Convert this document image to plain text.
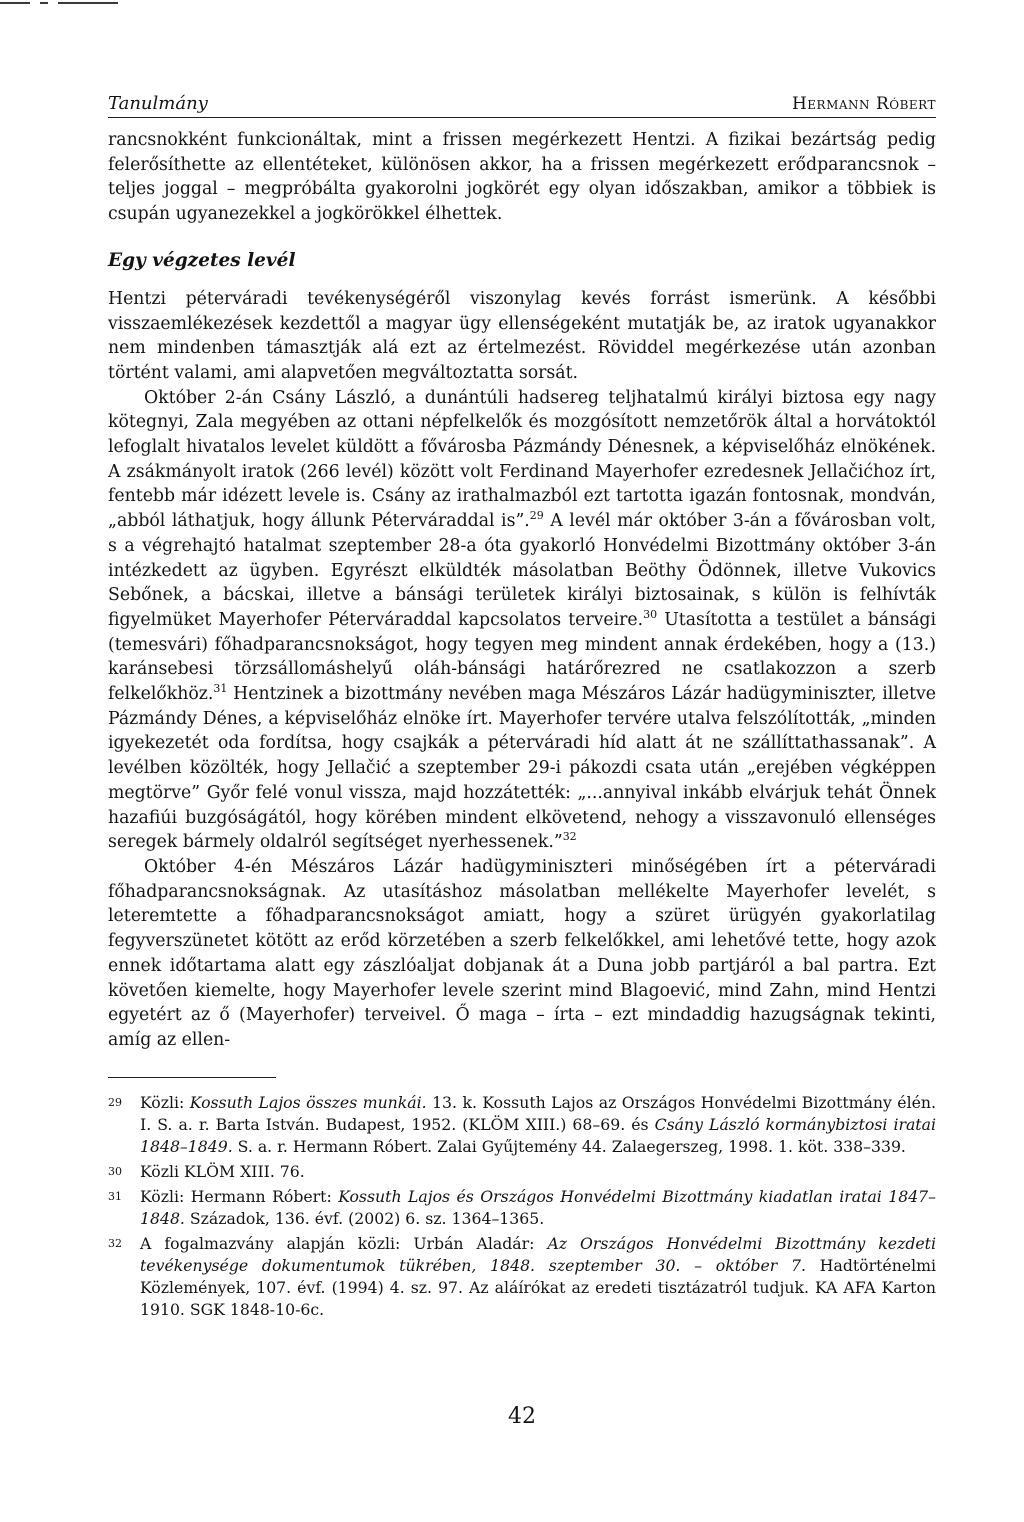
Tanulmány	Hermann Róbert

rancsnokként funkcionáltak, mint a frissen megérkezett Hentzi. A fizikai bezártság pedig felerősíthette az ellentéteket, különösen akkor, ha a frissen megérkezett erődparancsnok – teljes joggal – megpróbálta gyakorolni jogkörét egy olyan időszakban, amikor a többiek is csupán ugyanezekkel a jogkörökkel élhettek.

Egy végzetes levél

Hentzi péterváradi tevékenységéről viszonylag kevés forrást ismerünk. A későbbi visszaemlékezések kezdettől a magyar ügy ellenségeként mutatják be, az iratok ugyanakkor nem mindenben támasztják alá ezt az értelmezést. Röviddel megérkezése után azonban történt valami, ami alapvetően megváltoztatta sorsát.

Október 2-án Csány László, a dunántúli hadsereg teljhatalmú királyi biztosa egy nagy kötegnyi, Zala megyében az ottani népfelkelők és mozgósított nemzetőrök által a horvátoktól lefoglalt hivatalos levelet küldött a fővárosba Pázmándy Dénesnek, a képviselőház elnökének. A zsákmányolt iratok (266 levél) között volt Ferdinand Mayerhofer ezredesnek Jellačićhoz írt, fentebb már idézett levele is. Csány az irathalmazból ezt tartotta igazán fontosnak, mondván, „abból láthatjuk, hogy állunk Péterváraddal is”.$^{29}$ A levél már október 3-án a fővárosban volt, s a végrehajtó hatalmat szeptember 28-a óta gyakorló Honvédelmi Bizottmány október 3-án intézkedett az ügyben. Egyrészt elküldték másolatban Beöthy Ödönnek, illetve Vukovics Sebőnek, a bácskai, illetve a bánsági területek királyi biztosainak, s külön is felhívták figyelmüket Mayerhofer Péterváraddal kapcsolatos terveire.$^{30}$ Utasította a testület a bánsági (temesvári) főhadparancsnokságot, hogy tegyen meg mindent annak érdekében, hogy a (13.) karánsebesi törzsállomáshelyű oláh-bánsági határőrezred ne csatlakozzon a szerb felkelőkhöz.$^{31}$ Hentzinek a bizottmány nevében maga Mészáros Lázár hadügyminiszter, illetve Pázmándy Dénes, a képviselőház elnöke írt. Mayerhofer tervére utalva felszólították, „minden igyekezetét oda fordítsa, hogy csajkák a péterváradi híd alatt át ne szállíttathassanak”. A levélben közölték, hogy Jellačić a szeptember 29-i pákozdi csata után „erejében végképpen megtörve” Győr felé vonul vissza, majd hozzátették: „...annyival inkább elvárjuk tehát Önnek hazafiúi buzgóságától, hogy körében mindent elkövetend, nehogy a visszavonuló ellenséges seregek bármely oldalról segítséget nyerhessenek.”$^{32}$

Október 4-én Mészáros Lázár hadügyminiszteri minőségében írt a péterváradi főhadparancsnokságnak. Az utasításhoz másolatban mellékelte Mayerhofer levelét, s leteremtette a főhadparancsnokságot amiatt, hogy a szüret ürügyén gyakorlatilag fegyverszünetet kötött az erőd körzetében a szerb felkelőkkel, ami lehetővé tette, hogy azok ennek időtartama alatt egy zászlóaljat dobjanak át a Duna jobb partjáról a bal partra. Ezt követően kiemelte, hogy Mayerhofer levele szerint mind Blagoević, mind Zahn, mind Hentzi egyetért az ő (Mayerhofer) terveivel. Ő maga – írta – ezt mindaddig hazugságnak tekinti, amíg az ellen-

29	Közli: Kossuth Lajos összes munkái. 13. k. Kossuth Lajos az Országos Honvédelmi Bizottmány élén. I. S. a. r. Barta István. Budapest, 1952. (KLÖM XIII.) 68–69. és Csány László kormánybiztosi iratai 1848–1849. S. a. r. Hermann Róbert. Zalai Gyűjtemény 44. Zalaegerszeg, 1998. 1. köt. 338–339.
30	Közli KLÖM XIII. 76.
31	Közli: Hermann Róbert: Kossuth Lajos és Országos Honvédelmi Bizottmány kiadatlan iratai 1847–1848. Századok, 136. évf. (2002) 6. sz. 1364–1365.
32	A fogalmazvány alapján közli: Urbán Aladár: Az Országos Honvédelmi Bizottmány kezdeti tevékenysége dokumentumok tükrében, 1848. szeptember 30. – október 7. Hadtörténelmi Közlemények, 107. évf. (1994) 4. sz. 97. Az aláírókat az eredeti tisztázatról tudjuk. KA AFA Karton 1910. SGK 1848-10-6c.
42
